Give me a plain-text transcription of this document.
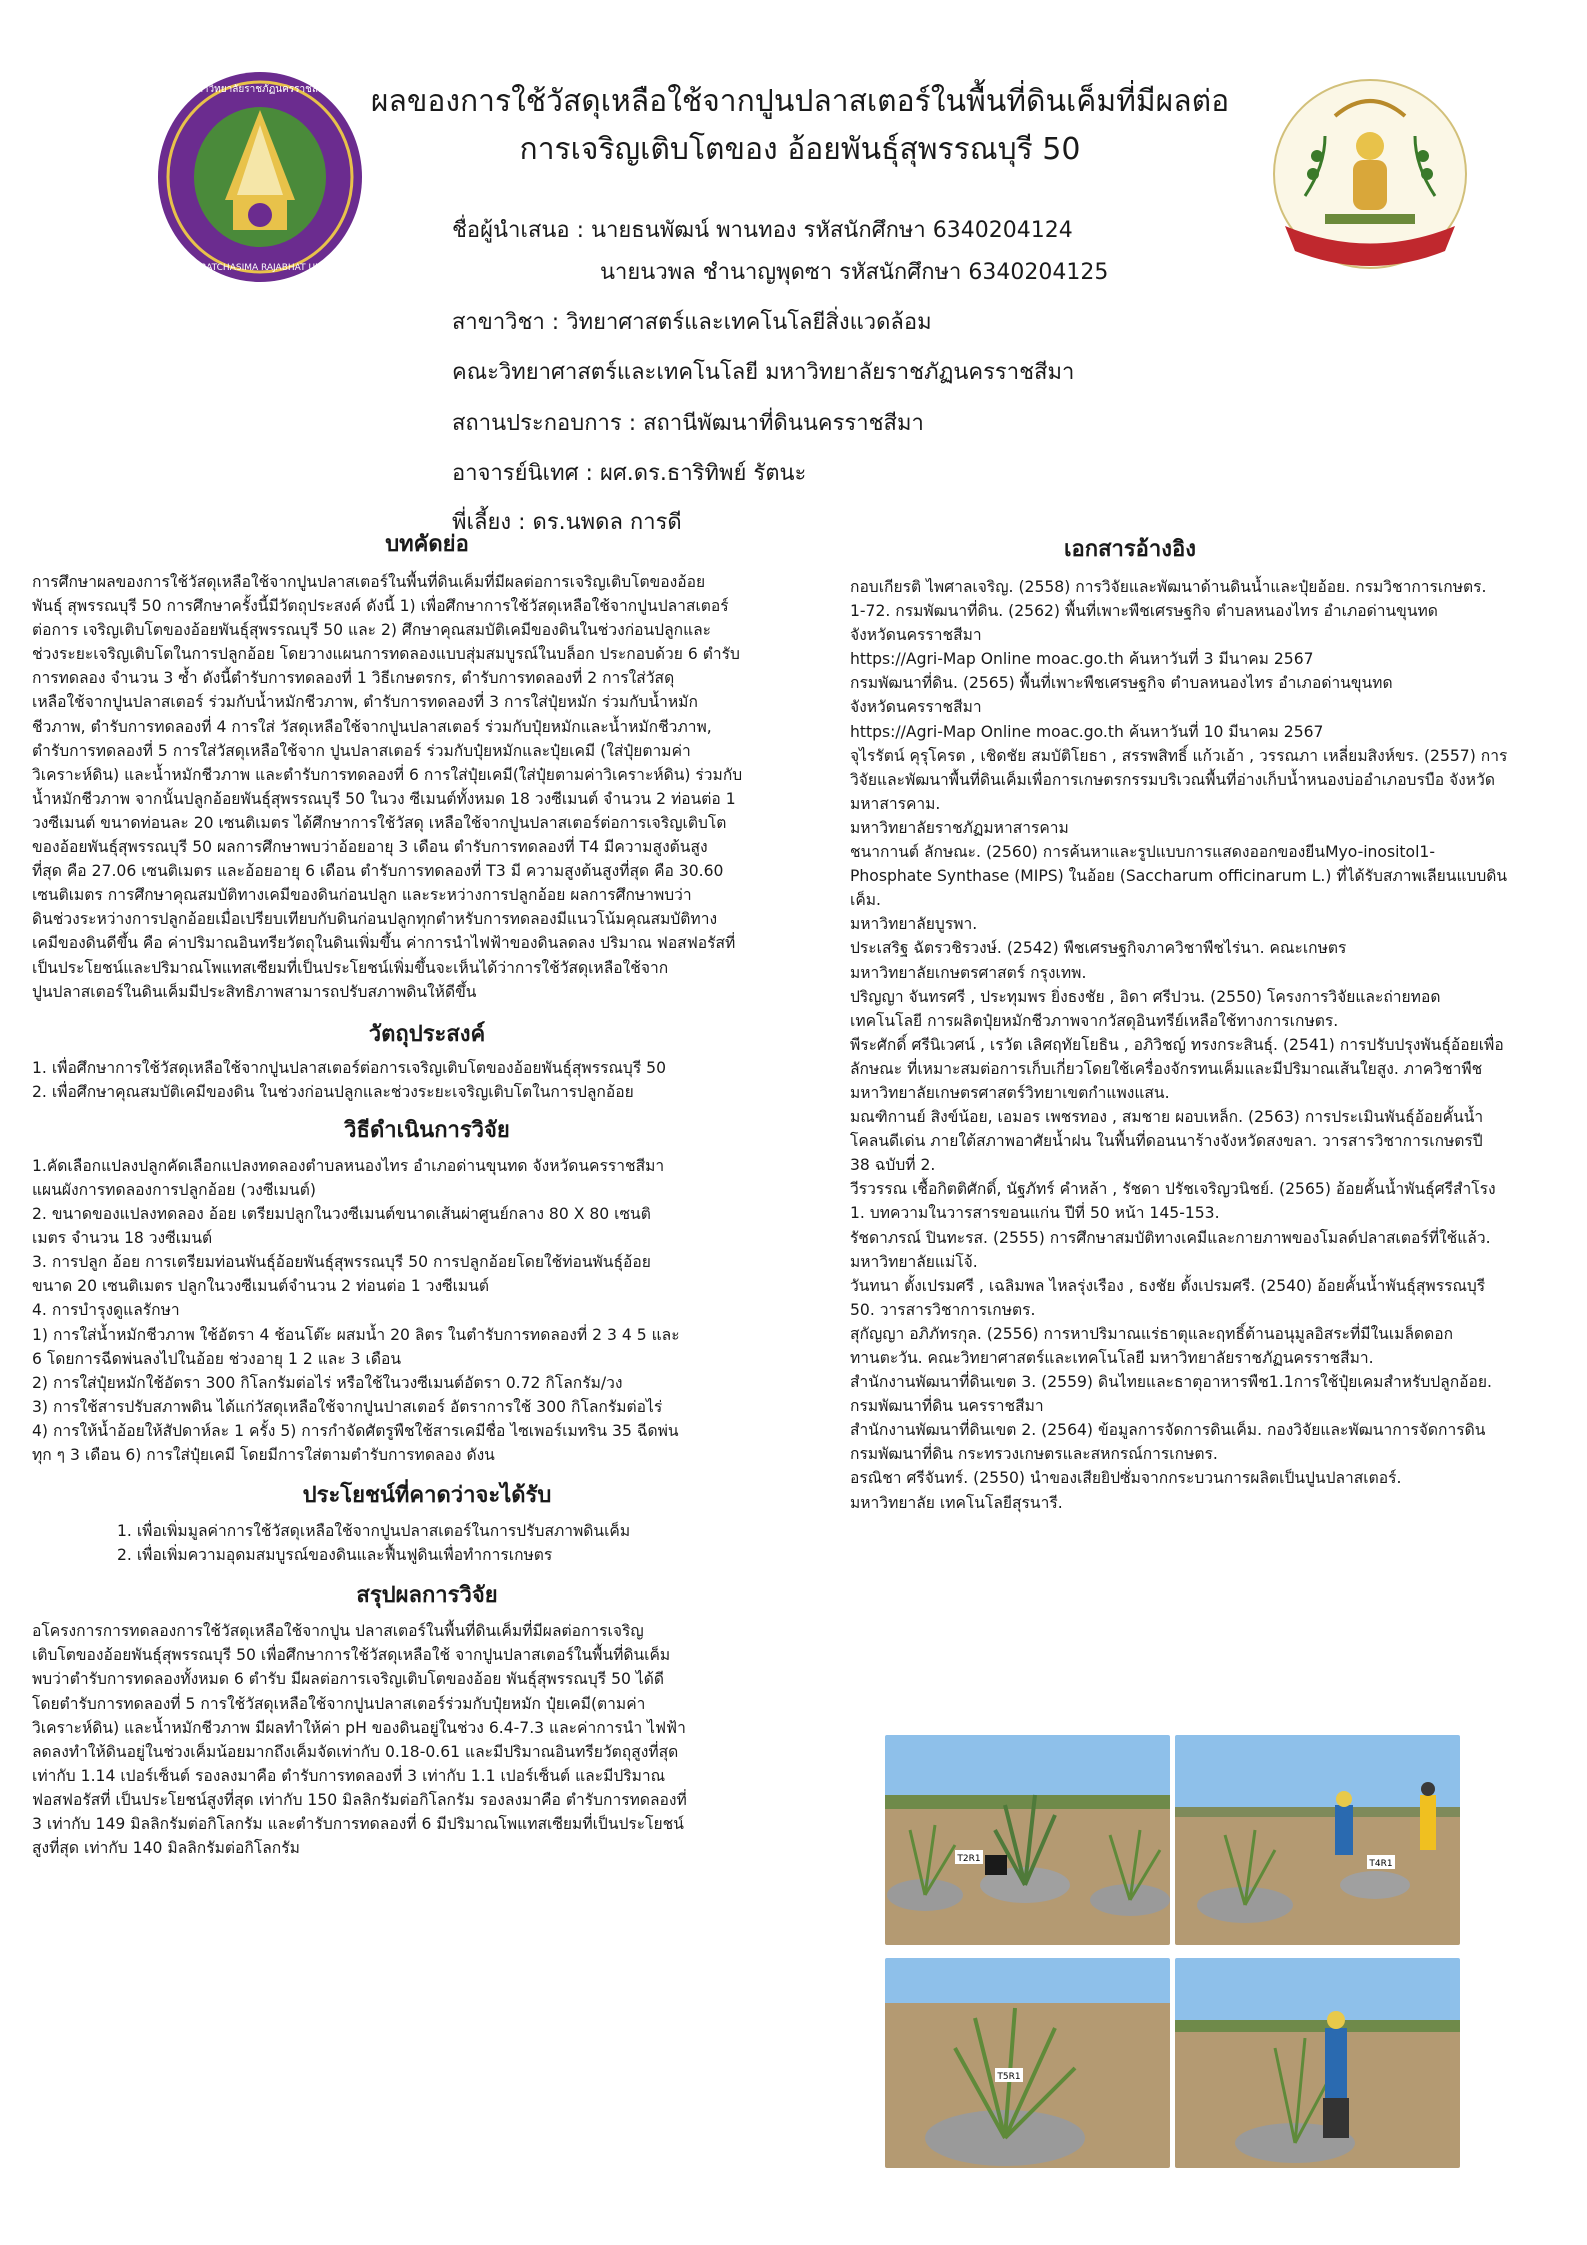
NAKHON RATCHASIMA RAJABHAT UNIVERSITY
มหาวิทยาลัยราชภัฏนครราชสีมา	ผลของการใช้วัสดุเหลือใช้จากปูนปลาสเตอร์ในพื้นที่ดินเค็มที่มีผลต่อ
การเจริญเติบโตของ อ้อยพันธุ์สุพรรณบุรี 50
ชื่อผู้นำเสนอ : นายธนพัฒน์ พานทอง รหัสนักศึกษา 6340204124
นายนวพล ชำนาญพุดซา รหัสนักศึกษา 6340204125
สาขาวิชา : วิทยาศาสตร์และเทคโนโลยีสิ่งแวดล้อม
คณะวิทยาศาสตร์และเทคโนโลยี มหาวิทยาลัยราชภัฏนครราชสีมา
สถานประกอบการ : สถานีพัฒนาที่ดินนครราชสีมา
อาจารย์นิเทศ : ผศ.ดร.ธาริทิพย์ รัตนะ
พี่เลี้ยง : ดร.นพดล การดี
บทคัดย่อ

การศึกษาผลของการใช้วัสดุเหลือใช้จากปูนปลาสเตอร์ในพื้นที่ดินเค็มที่มีผลต่อการเจริญเติบโตของอ้อย
พันธุ์ สุพรรณบุรี 50 การศึกษาครั้งนี้มีวัตถุประสงค์ ดังนี้ 1) เพื่อศึกษาการใช้วัสดุเหลือใช้จากปูนปลาสเตอร์
ต่อการ เจริญเติบโตของอ้อยพันธุ์สุพรรณบุรี 50 และ 2) ศึกษาคุณสมบัติเคมีของดินในช่วงก่อนปลูกและ
ช่วงระยะเจริญเติบโตในการปลูกอ้อย โดยวางแผนการทดลองแบบสุ่มสมบูรณ์ในบล็อก ประกอบด้วย 6 ตำรับ
การทดลอง จำนวน 3 ซ้ำ ดังนี้ตำรับการทดลองที่ 1 วิธีเกษตรกร, ตำรับการทดลองที่ 2 การใส่วัสดุ
เหลือใช้จากปูนปลาสเตอร์ ร่วมกับน้ำหมักชีวภาพ, ตำรับการทดลองที่ 3 การใส่ปุ๋ยหมัก ร่วมกับน้ำหมัก
ชีวภาพ, ตำรับการทดลองที่ 4 การใส่ วัสดุเหลือใช้จากปูนปลาสเตอร์ ร่วมกับปุ๋ยหมักและน้ำหมักชีวภาพ,
ตำรับการทดลองที่ 5 การใส่วัสดุเหลือใช้จาก ปูนปลาสเตอร์ ร่วมกับปุ๋ยหมักและปุ๋ยเคมี (ใส่ปุ๋ยตามค่า
วิเคราะห์ดิน) และน้ำหมักชีวภาพ และตำรับการทดลองที่ 6 การใส่ปุ๋ยเคมี(ใส่ปุ๋ยตามค่าวิเคราะห์ดิน) ร่วมกับ
น้ำหมักชีวภาพ จากนั้นปลูกอ้อยพันธุ์สุพรรณบุรี 50 ในวง ซีเมนต์ทั้งหมด 18 วงซีเมนต์ จำนวน 2 ท่อนต่อ 1
วงซีเมนต์ ขนาดท่อนละ 20 เซนติเมตร ได้ศึกษาการใช้วัสดุ เหลือใช้จากปูนปลาสเตอร์ต่อการเจริญเติบโต
ของอ้อยพันธุ์สุพรรณบุรี 50 ผลการศึกษาพบว่าอ้อยอายุ 3 เดือน ตำรับการทดลองที่ T4 มีความสูงต้นสูง
ที่สุด คือ 27.06 เซนติเมตร และอ้อยอายุ 6 เดือน ตำรับการทดลองที่ T3 มี ความสูงต้นสูงที่สุด คือ 30.60
เซนติเมตร การศึกษาคุณสมบัติทางเคมีของดินก่อนปลูก และระหว่างการปลูกอ้อย ผลการศึกษาพบว่า
ดินช่วงระหว่างการปลูกอ้อยเมื่อเปรียบเทียบกับดินก่อนปลูกทุกตำหรับการทดลองมีแนวโน้มคุณสมบัติทาง
เคมีของดินดีขึ้น คือ ค่าปริมาณอินทรียวัตถุในดินเพิ่มขึ้น ค่าการนำไฟฟ้าของดินลดลง ปริมาณ ฟอสฟอรัสที่
เป็นประโยชน์และปริมาณโพแทสเซียมที่เป็นประโยชน์เพิ่มขึ้นจะเห็นได้ว่าการใช้วัสดุเหลือใช้จาก
ปูนปลาสเตอร์ในดินเค็มมีประสิทธิภาพสามารถปรับสภาพดินให้ดีขึ้น

วัตถุประสงค์
1. เพื่อศึกษาการใช้วัสดุเหลือใช้จากปูนปลาสเตอร์ต่อการเจริญเติบโตของอ้อยพันธุ์สุพรรณบุรี 50
2. เพื่อศึกษาคุณสมบัติเคมีของดิน ในช่วงก่อนปลูกและช่วงระยะเจริญเติบโตในการปลูกอ้อย
วิธีดำเนินการวิจัย

1.คัดเลือกแปลงปลูกคัดเลือกแปลงทดลองตำบลหนองไทร อำเภอด่านขุนทด จังหวัดนครราชสีมา
แผนผังการทดลองการปลูกอ้อย (วงซีเมนต์)
2. ขนาดของแปลงทดลอง อ้อย เตรียมปลูกในวงซีเมนต์ขนาดเส้นผ่าศูนย์กลาง 80 X 80 เซนติ
เมตร จำนวน 18 วงซีเมนต์
3. การปลูก อ้อย การเตรียมท่อนพันธุ์อ้อยพันธุ์สุพรรณบุรี 50 การปลูกอ้อยโดยใช้ท่อนพันธุ์อ้อย
ขนาด 20 เซนติเมตร ปลูกในวงซีเมนต์จำนวน 2 ท่อนต่อ 1 วงซีเมนต์
4. การบำรุงดูแลรักษา
1) การใส่น้ำหมักชีวภาพ ใช้อัตรา 4 ช้อนโต๊ะ ผสมน้ำ 20 ลิตร ในตำรับการทดลองที่ 2 3 4 5 และ
6 โดยการฉีดพ่นลงไปในอ้อย ช่วงอายุ 1 2 และ 3 เดือน
2) การใส่ปุ๋ยหมักใช้อัตรา 300 กิโลกรัมต่อไร่ หรือใช้ในวงซีเมนต์อัตรา 0.72 กิโลกรัม/วง
3) การใช้สารปรับสภาพดิน ได้แก่วัสดุเหลือใช้จากปูนปาสเตอร์ อัตราการใช้ 300 กิโลกรัมต่อไร่
4) การให้น้ำอ้อยให้สัปดาห์ละ 1 ครั้ง 5) การกำจัดศัตรูพืชใช้สารเคมีชื่อ ไซเพอร์เมทริน 35 ฉีดพ่น
ทุก ๆ 3 เดือน 6) การใส่ปุ๋ยเคมี โดยมีการใส่ตามตำรับการทดลอง ดังน

ประโยชน์ที่คาดว่าจะได้รับ
1. เพื่อเพิ่มมูลค่าการใช้วัสดุเหลือใช้จากปูนปลาสเตอร์ในการปรับสภาพดินเค็ม
2. เพื่อเพิ่มความอุดมสมบูรณ์ของดินและฟื้นฟูดินเพื่อทำการเกษตร
สรุปผลการวิจัย

อโครงการการทดลองการใช้วัสดุเหลือใช้จากปูน ปลาสเตอร์ในพื้นที่ดินเค็มที่มีผลต่อการเจริญ
เติบโตของอ้อยพันธุ์สุพรรณบุรี 50 เพื่อศึกษาการใช้วัสดุเหลือใช้ จากปูนปลาสเตอร์ในพื้นที่ดินเค็ม
พบว่าตำรับการทดลองทั้งหมด 6 ตำรับ มีผลต่อการเจริญเติบโตของอ้อย พันธุ์สุพรรณบุรี 50 ได้ดี
โดยตำรับการทดลองที่ 5 การใช้วัสดุเหลือใช้จากปูนปลาสเตอร์ร่วมกับปุ๋ยหมัก ปุ๋ยเคมี(ตามค่า
วิเคราะห์ดิน) และน้ำหมักชีวภาพ มีผลทำให้ค่า pH ของดินอยู่ในช่วง 6.4-7.3 และค่าการนำ ไฟฟ้า
ลดลงทำให้ดินอยู่ในช่วงเค็มน้อยมากถึงเค็มจัดเท่ากับ 0.18-0.61 และมีปริมาณอินทรียวัตถุสูงที่สุด
เท่ากับ 1.14 เปอร์เซ็นต์ รองลงมาคือ ตำรับการทดลองที่ 3 เท่ากับ 1.1 เปอร์เซ็นต์ และมีปริมาณ
ฟอสฟอรัสที่ เป็นประโยชน์สูงที่สุด เท่ากับ 150 มิลลิกรัมต่อกิโลกรัม รองลงมาคือ ตำรับการทดลองที่
3 เท่ากับ 149 มิลลิกรัมต่อกิโลกรัม และตำรับการทดลองที่ 6 มีปริมาณโพแทสเซียมที่เป็นประโยชน์
สูงที่สุด เท่ากับ 140 มิลลิกรัมต่อกิโลกรัม

เอกสารอ้างอิง

กอบเกียรติ ไพศาลเจริญ. (2558) การวิจัยและพัฒนาด้านดินน้ำและปุ๋ยอ้อย. กรมวิชาการเกษตร.
1-72. กรมพัฒนาที่ดิน. (2562) พื้นที่เพาะพืชเศรษฐกิจ ตำบลหนองไทร อำเภอด่านขุนทด
จังหวัดนครราชสีมา
https://Agri-Map Online moac.go.th ค้นหาวันที่ 3 มีนาคม 2567
กรมพัฒนาที่ดิน. (2565) พื้นที่เพาะพืชเศรษฐกิจ ตำบลหนองไทร อำเภอด่านขุนทด
จังหวัดนครราชสีมา
https://Agri-Map Online moac.go.th ค้นหาวันที่ 10 มีนาคม 2567
จุไรรัตน์ คุรุโครต , เชิดชัย สมบัติโยธา , สรรพสิทธิ์ แก้วเอ้า , วรรณภา เหลี่ยมสิงห์ขร. (2557) การ
วิจัยและพัฒนาพื้นที่ดินเค็มเพื่อการเกษตรกรรมบริเวณพื้นที่อ่างเก็บน้ำหนองบ่ออำเภอบรบือ จังหวัด
มหาสารคาม.
มหาวิทยาลัยราชภัฏมหาสารคาม
ชนากานต์ ลักษณะ. (2560) การค้นหาและรูปแบบการแสดงออกของยีนMyo-inositol1-
Phosphate Synthase (MIPS) ในอ้อย (Saccharum officinarum L.) ที่ได้รับสภาพเลียนแบบดิน
เค็ม.
มหาวิทยาลัยบูรพา.
ประเสริฐ ฉัตรวชิรวงษ์. (2542) พืชเศรษฐกิจภาควิชาพืชไร่นา. คณะเกษตร
มหาวิทยาลัยเกษตรศาสตร์ กรุงเทพ.
ปริญญา จันทรศรี , ประทุมพร ยิ่งธงชัย , อิดา ศรีปวน. (2550) โครงการวิจัยและถ่ายทอด
เทคโนโลยี การผลิตปุ๋ยหมักชีวภาพจากวัสดุอินทรีย์เหลือใช้ทางการเกษตร.
พีระศักดิ์ ศรีนิเวศน์ , เรวัต เลิศฤทัยโยธิน , อภิวิชญ์ ทรงกระสินธุ์. (2541) การปรับปรุงพันธุ์อ้อยเพื่อ
ลักษณะ ที่เหมาะสมต่อการเก็บเกี่ยวโดยใช้เครื่องจักรทนเค็มและมีปริมาณเส้นใยสูง. ภาควิชาพืช
มหาวิทยาลัยเกษตรศาสตร์วิทยาเขตกำแพงแสน.
มณฑิกานย์ สิงข์น้อย, เอมอร เพชรทอง , สมชาย ผอบเหล็ก. (2563) การประเมินพันธุ์อ้อยคั้นน้ำ
โคลนดีเด่น ภายใต้สภาพอาศัยน้ำฝน ในพื้นที่ดอนนาร้างจังหวัดสงขลา. วารสารวิชาการเกษตรปี
38 ฉบับที่ 2.
วีรวรรณ เชื้อกิตติศักดิ์, นัฐภัทร์ คำหล้า , รัชดา ปรัชเจริญวนิชย์. (2565) อ้อยคั้นน้ำพันธุ์ศรีสำโรง
1. บทความในวารสารขอนแก่น ปีที่ 50 หน้า 145-153.
รัชดาภรณ์ ปินทะรส. (2555) การศึกษาสมบัติทางเคมีและกายภาพของโมลด์ปลาสเตอร์ที่ใช้แล้ว.
มหาวิทยาลัยแม่โจ้.
วันทนา ตั้งเปรมศรี , เฉลิมพล ไหลรุ่งเรือง , ธงชัย ตั้งเปรมศรี. (2540) อ้อยคั้นน้ำพันธุ์สุพรรณบุรี
50. วารสารวิชาการเกษตร.
สุกัญญา อภิภัทรกุล. (2556) การหาปริมาณแร่ธาตุและฤทธิ์ต้านอนุมูลอิสระที่มีในเมล็ดดอก
ทานตะวัน. คณะวิทยาศาสตร์และเทคโนโลยี มหาวิทยาลัยราชภัฏนครราชสีมา.
สำนักงานพัฒนาที่ดินเขต 3. (2559) ดินไทยและธาตุอาหารพืช1.1การใช้ปุ๋ยเคมสำหรับปลูกอ้อย.
กรมพัฒนาที่ดิน นครราชสีมา
สำนักงานพัฒนาที่ดินเขต 2. (2564) ข้อมูลการจัดการดินเค็ม. กองวิจัยและพัฒนาการจัดการดิน
กรมพัฒนาที่ดิน กระทรวงเกษตรและสหกรณ์การเกษตร.
อรณิชา ศรีจันทร์. (2550) นำของเสียยิปซั่มจากกระบวนการผลิตเป็นปูนปลาสเตอร์.
มหาวิทยาลัย เทคโนโลยีสุรนารี.

T2R1	T4R1
T5R1
